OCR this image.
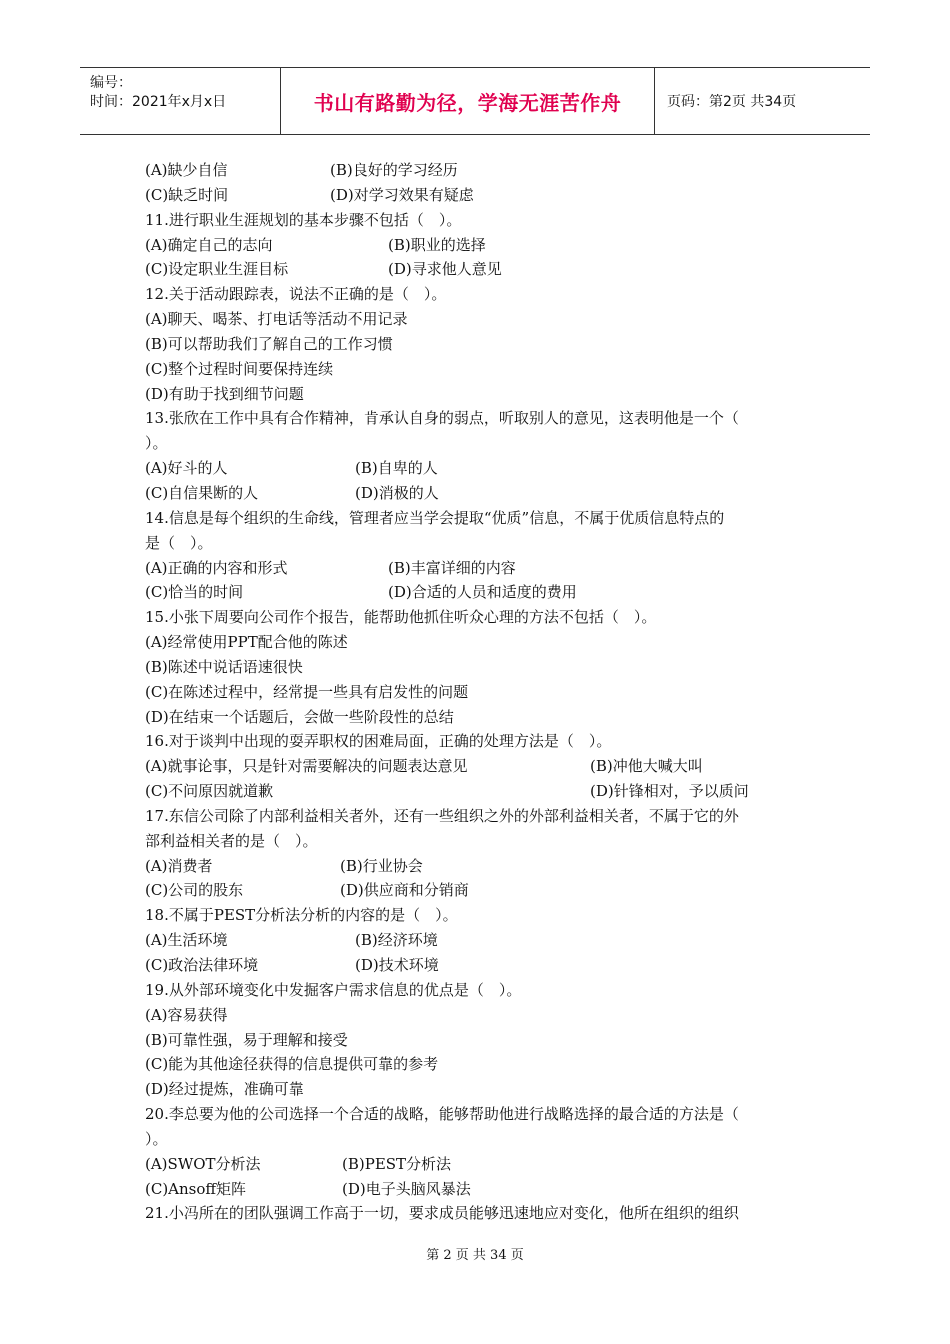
编号：
时间：2021年x月x日	书山有路勤为径，学海无涯苦作舟	页码：第2页 共34页
(A)缺少自信	(B)良好的学习经历
(C)缺乏时间	(D)对学习效果有疑虑
11.进行职业生涯规划的基本步骤不包括（　）。
(A)确定自己的志向	(B)职业的选择
(C)设定职业生涯目标	(D)寻求他人意见
12.关于活动跟踪表，说法不正确的是（　）。
(A)聊天、喝茶、打电话等活动不用记录
(B)可以帮助我们了解自己的工作习惯
(C)整个过程时间要保持连续
(D)有助于找到细节问题
13.张欣在工作中具有合作精神，肯承认自身的弱点，听取别人的意见，这表明他是一个（
）。
(A)好斗的人	(B)自卑的人
(C)自信果断的人	(D)消极的人
14.信息是每个组织的生命线，管理者应当学会提取“优质”信息，不属于优质信息特点的
是（　）。
(A)正确的内容和形式	(B)丰富详细的内容
(C)恰当的时间	(D)合适的人员和适度的费用
15.小张下周要向公司作个报告，能帮助他抓住听众心理的方法不包括（　）。
(A)经常使用PPT配合他的陈述
(B)陈述中说话语速很快
(C)在陈述过程中，经常提一些具有启发性的问题
(D)在结束一个话题后，会做一些阶段性的总结
16.对于谈判中出现的耍弄职权的困难局面，正确的处理方法是（　）。
(A)就事论事，只是针对需要解决的问题表达意见	(B)冲他大喊大叫
(C)不问原因就道歉	(D)针锋相对，予以质问
17.东信公司除了内部利益相关者外，还有一些组织之外的外部利益相关者，不属于它的外
部利益相关者的是（　）。
(A)消费者	(B)行业协会
(C)公司的股东	(D)供应商和分销商
18.不属于PEST分析法分析的内容的是（　）。
(A)生活环境	(B)经济环境
(C)政治法律环境	(D)技术环境
19.从外部环境变化中发掘客户需求信息的优点是（　）。
(A)容易获得
(B)可靠性强，易于理解和接受
(C)能为其他途径获得的信息提供可靠的参考
(D)经过提炼，准确可靠
20.李总要为他的公司选择一个合适的战略，能够帮助他进行战略选择的最合适的方法是（
）。
(A)SWOT分析法	(B)PEST分析法
(C)Ansoff矩阵	(D)电子头脑风暴法
21.小冯所在的团队强调工作高于一切，要求成员能够迅速地应对变化，他所在组织的组织
第 2 页 共 34 页
